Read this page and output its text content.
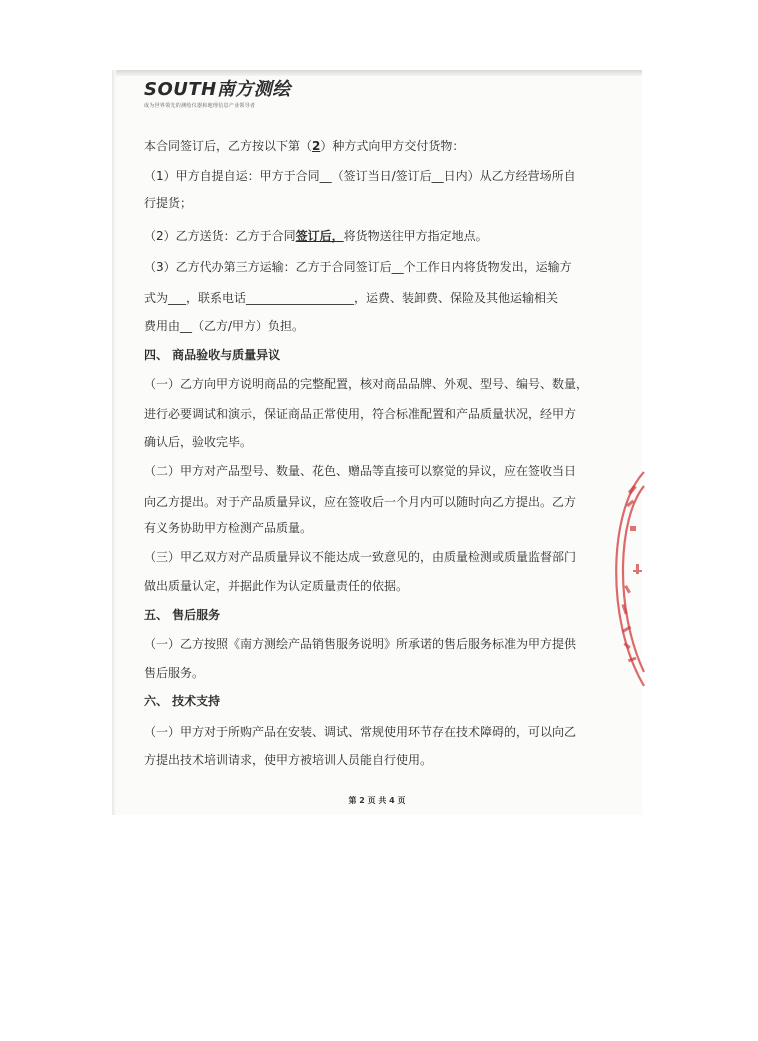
SOUTH南方测绘
成为世界领先的测绘仪器和地理信息产业领导者
本合同签订后，乙方按以下第（2）种方式向甲方交付货物：
（1）甲方自提自运：甲方于合同__（签订当日/签订后__日内）从乙方经营场所自
行提货；
（2）乙方送货：乙方于合同签订后，将货物送往甲方指定地点。
（3）乙方代办第三方运输：乙方于合同签订后__个工作日内将货物发出，运输方
式为___，联系电话__________________，运费、装卸费、保险及其他运输相关
费用由__（乙方/甲方）负担。
四、 商品验收与质量异议
（一）乙方向甲方说明商品的完整配置，核对商品品牌、外观、型号、编号、数量，
进行必要调试和演示，保证商品正常使用，符合标准配置和产品质量状况，经甲方
确认后，验收完毕。
（二）甲方对产品型号、数量、花色、赠品等直接可以察觉的异议，应在签收当日
向乙方提出。对于产品质量异议，应在签收后一个月内可以随时向乙方提出。乙方
有义务协助甲方检测产品质量。
（三）甲乙双方对产品质量异议不能达成一致意见的，由质量检测或质量监督部门
做出质量认定，并据此作为认定质量责任的依据。
五、 售后服务
（一）乙方按照《南方测绘产品销售服务说明》所承诺的售后服务标准为甲方提供
售后服务。
六、 技术支持
（一）甲方对于所购产品在安装、调试、常规使用环节存在技术障碍的，可以向乙
方提出技术培训请求，使甲方被培训人员能自行使用。
第 2 页 共 4 页
